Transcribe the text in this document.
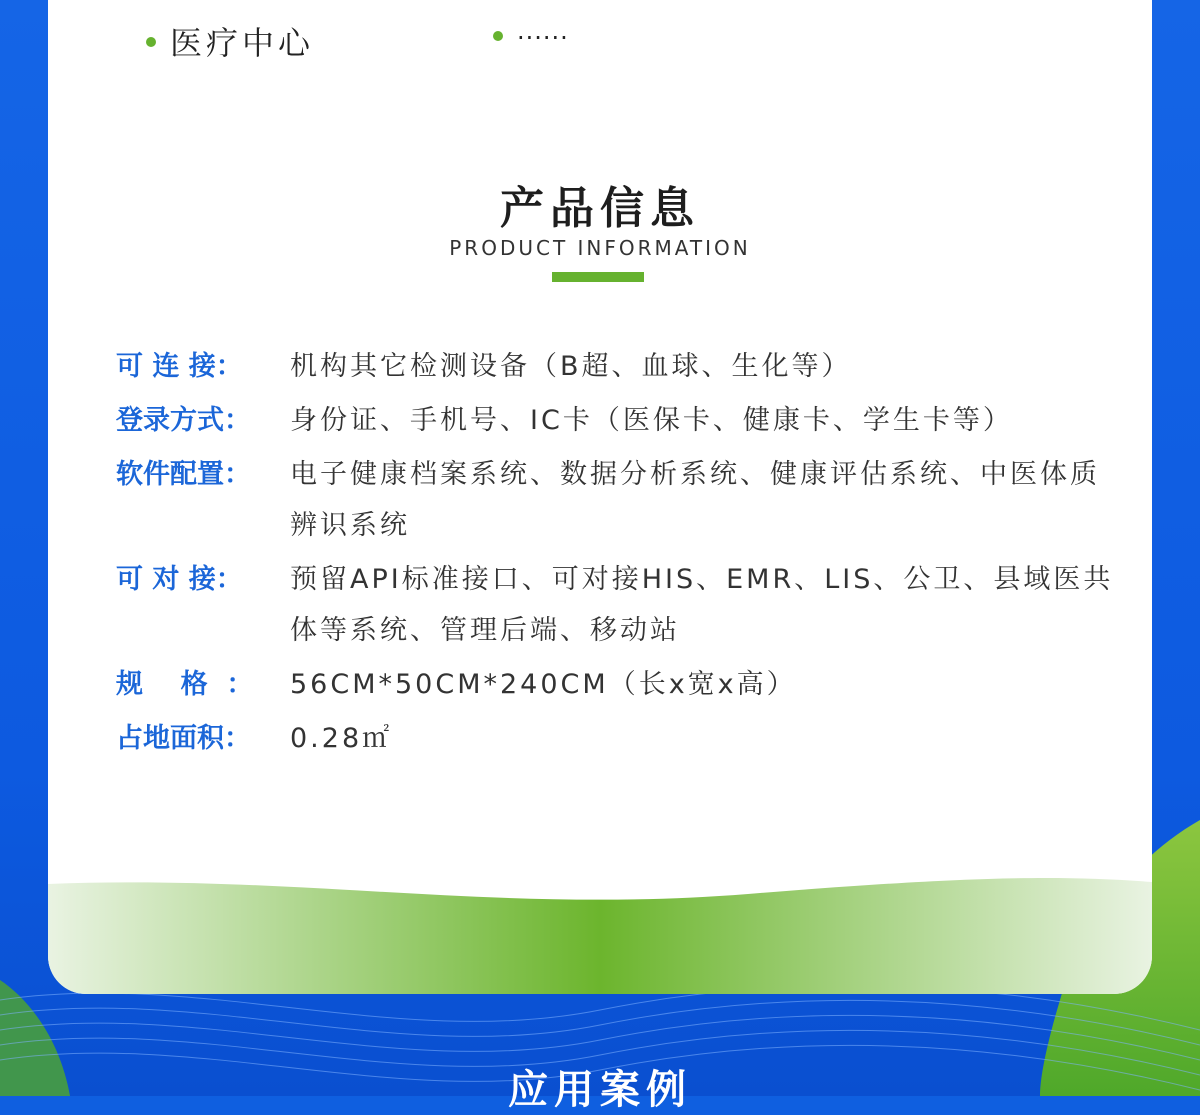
医疗中心	······
产品信息
PRODUCT INFORMATION
可 连 接：	机构其它检测设备（B超、血球、生化等）
登录方式：	身份证、手机号、IC卡（医保卡、健康卡、学生卡等）
软件配置：	电子健康档案系统、数据分析系统、健康评估系统、中医体质辨识系统
可 对 接：	预留API标准接口、可对接HIS、EMR、LIS、公卫、县域医共体等系统、管理后端、移动站
规    格  ：	56CM*50CM*240CM（长x宽x高）
占地面积：	0.28㎡
应用案例
